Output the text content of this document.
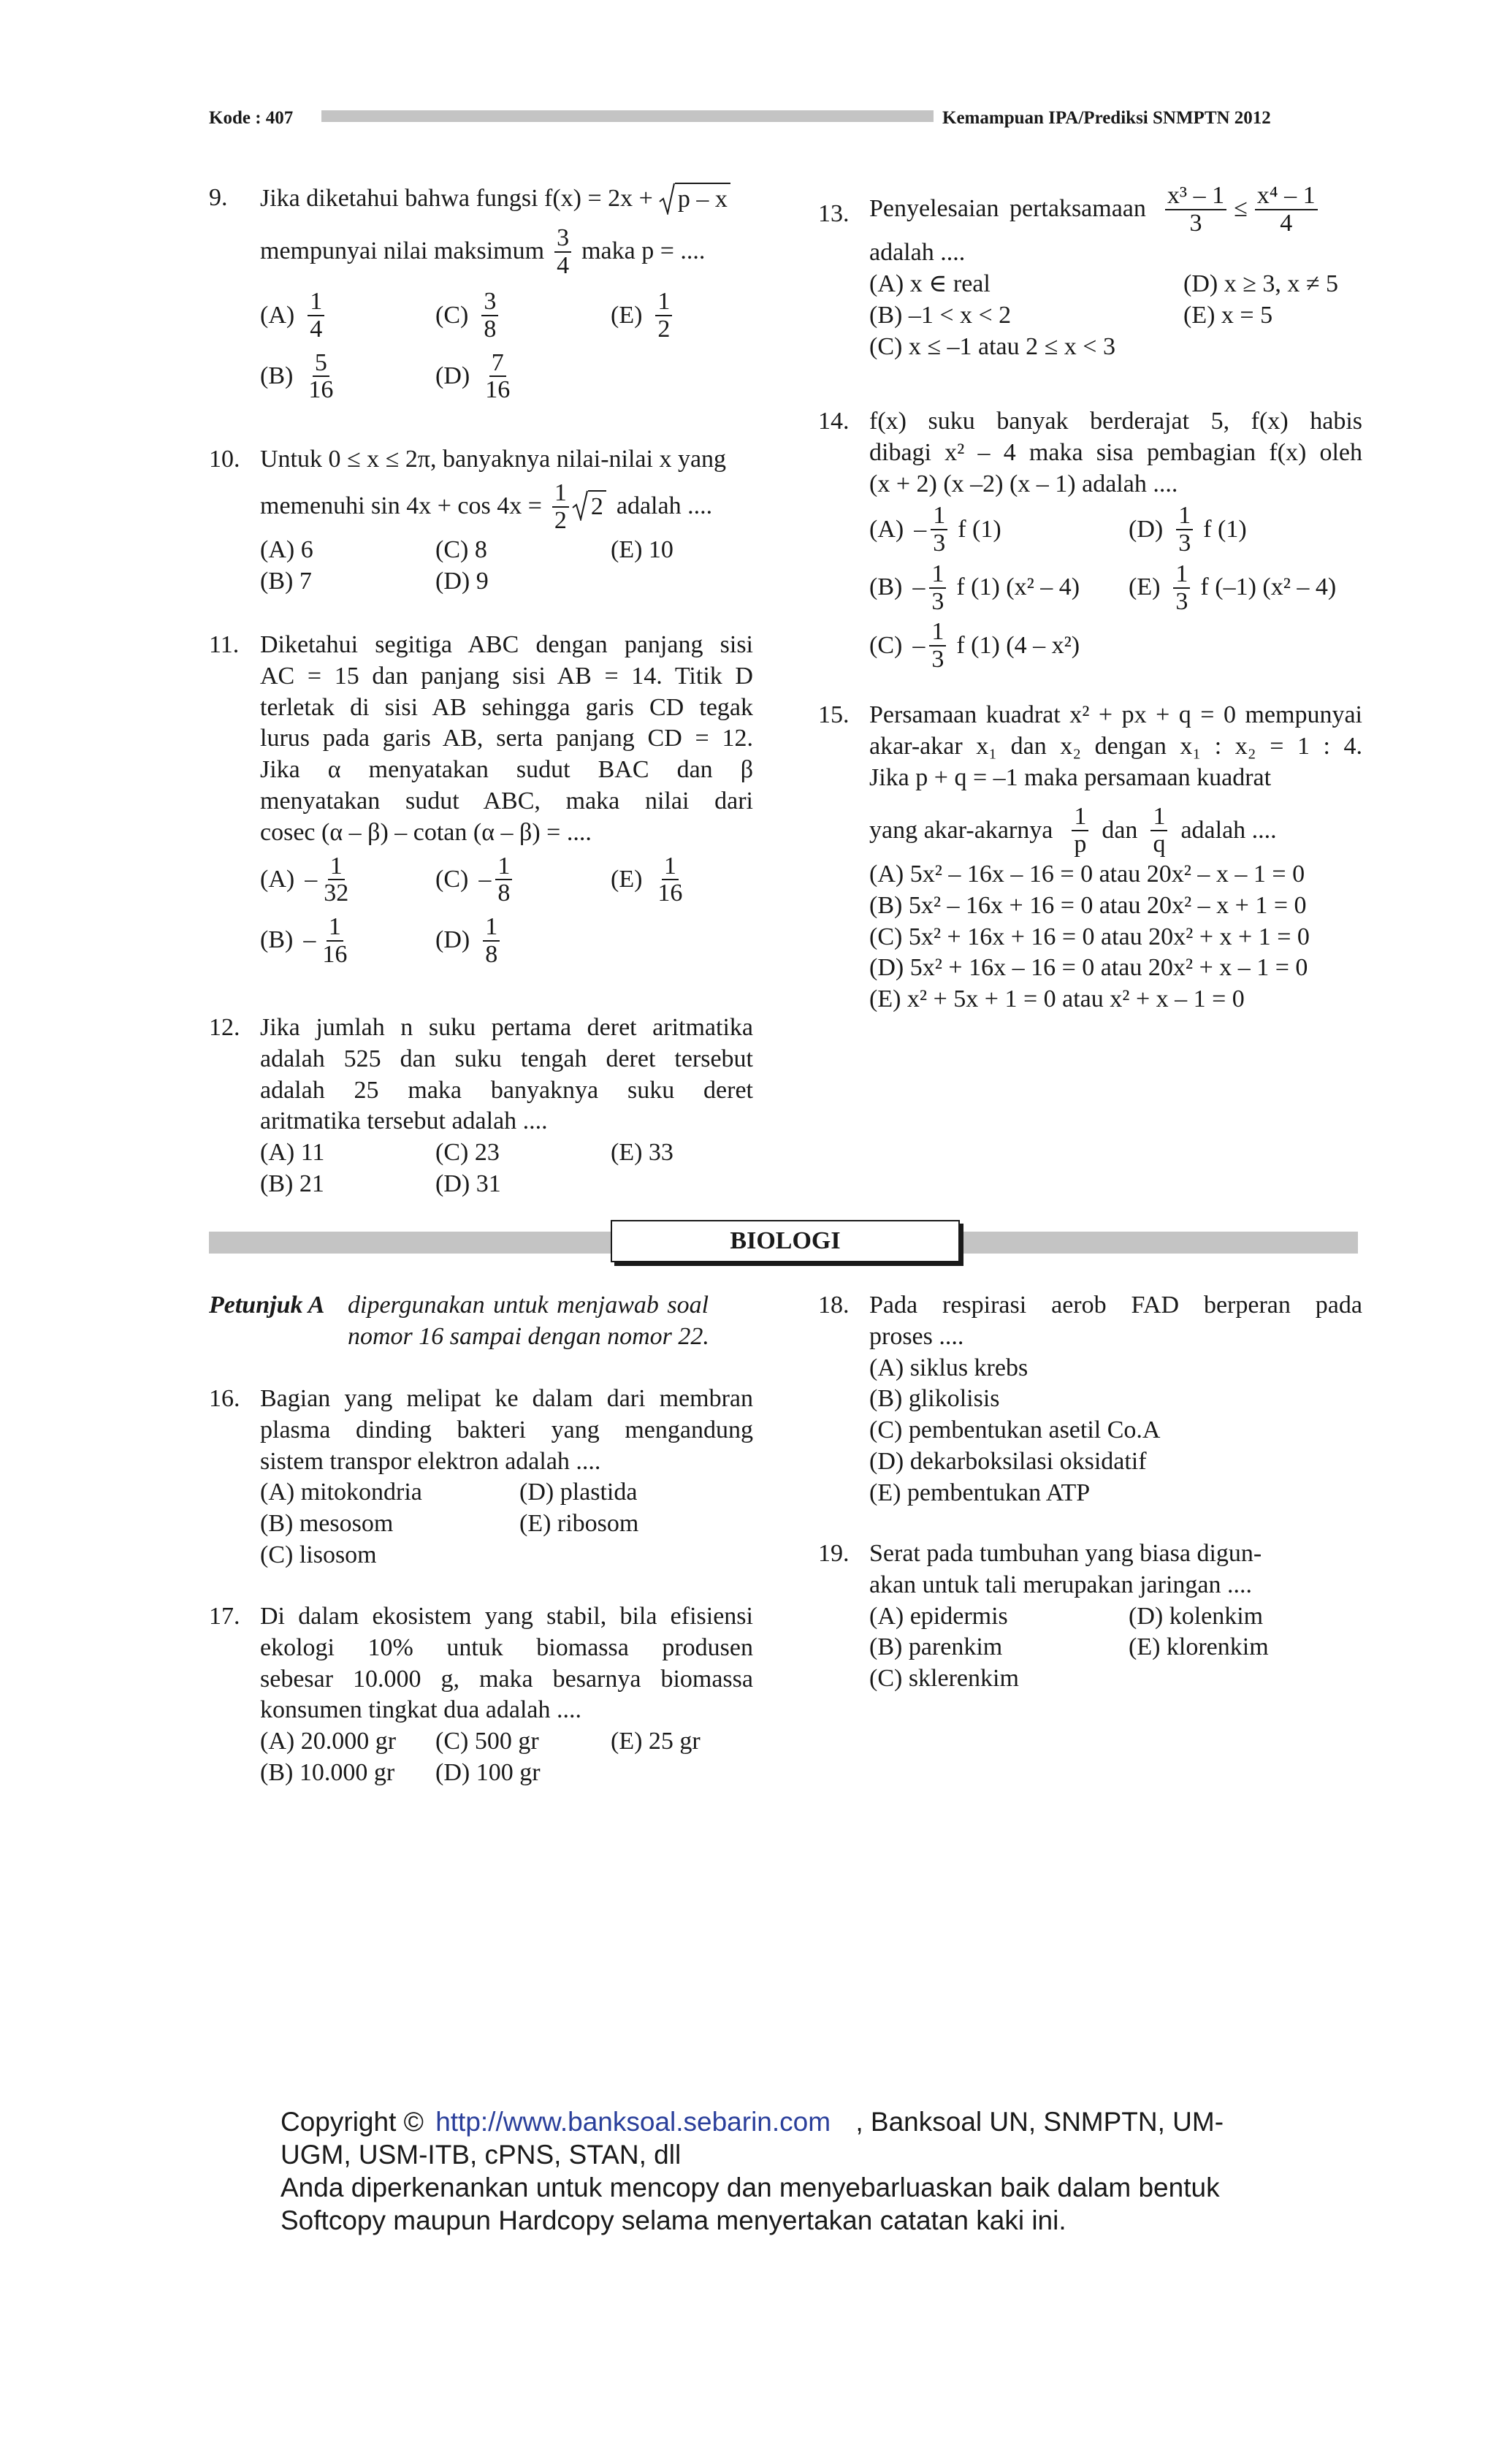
Kode : 407	Kemampuan IPA/Prediksi SNMPTN 2012
9. Jika diketahui bahwa fungsi f(x) = 2x + p – x
mempunyai nilai maksimum $\frac{3}{4}$ maka p = ....
$(A) \frac{1}{4}$	$(C) \frac{3}{8}$	$(E) \frac{1}{2}$
$(B) \frac{5}{16}$	$(D) \frac{7}{16}$
10. Untuk 0 ≤ x ≤ 2π, banyaknya nilai-nilai x yang
memenuhi $\sin 4x + \cos 4x = \frac{1}{2} 2$ adalah ....
(A) 6	(C) 8	(E) 10
(B) 7	(D) 9
11. Diketahui segitiga ABC dengan panjang sisi
AC = 15 dan panjang sisi AB = 14. Titik D
terletak di sisi AB sehingga garis CD tegak
lurus pada garis AB, serta panjang CD = 12.
Jika α menyatakan sudut BAC dan β
menyatakan sudut ABC, maka nilai dari
cosec (α – β) – cotan (α – β) = ....
$(A) - \frac{1}{32}$	$(C) - \frac{1}{8}$	$(E) \frac{1}{16}$
$(B) - \frac{1}{16}$	$(D) \frac{1}{8}$
12. Jika jumlah n suku pertama deret aritmatika
adalah 525 dan suku tengah deret tersebut
adalah 25 maka banyaknya suku deret
aritmatika tersebut adalah ....
(A) 11	(C) 23	(E) 33
(B) 21	(D) 31
13. Penyelesaian pertaksamaan $\frac{\text{x³ – 1}}{3} \le \frac{\text{x⁴ – 1}}{4}$
adalah ....
(A) x ∈ real	(D) x ≥ 3, x ≠ 5
(B) –1 < x < 2	(E) x = 5
(C) x ≤ –1 atau 2 ≤ x < 3
14. f(x) suku banyak berderajat 5, f(x) habis
dibagi x² – 4 maka sisa pembagian f(x) oleh
(x + 2) (x –2) (x – 1) adalah ....
$(A) - \frac{1}{3}$ f (1)	$(D) \frac{1}{3}$ f (1)
$(B) - \frac{1}{3}$ f (1) (x² – 4) $(E) \frac{1}{3}$ f (–1) (x² – 4)
$(C) - \frac{1}{3}$ f (1) (4 – x²)
15. Persamaan kuadrat x² + px + q = 0 mempunyai
akar-akar x₁ dan x₂ dengan x₁ : x₂ = 1 : 4.
Jika p + q = –1 maka persamaan kuadrat
yang akar-akarnya $\frac{1}{p}$ dan $\frac{1}{q}$ adalah ....
(A) 5x² – 16x – 16 = 0 atau 20x² – x – 1 = 0
(B) 5x² – 16x + 16 = 0 atau 20x² – x + 1 = 0
(C) 5x² + 16x + 16 = 0 atau 20x² + x + 1 = 0
(D) 5x² + 16x – 16 = 0 atau 20x² + x – 1 = 0
(E) x² + 5x + 1 = 0 atau x² + x – 1 = 0
BIOLOGI
Petunjuk A dipergunakan untuk menjawab soal
nomor 16 sampai dengan nomor 22.
16. Bagian yang melipat ke dalam dari membran
plasma dinding bakteri yang mengandung
sistem transpor elektron adalah ....
(A) mitokondria	(D) plastida
(B) mesosom	(E) ribosom
(C) lisosom
17. Di dalam ekosistem yang stabil, bila efisiensi
ekologi 10% untuk biomassa produsen
sebesar 10.000 g, maka besarnya biomassa
konsumen tingkat dua adalah ....
(A) 20.000 gr	(C) 500 gr	(E) 25 gr
(B) 10.000 gr	(D) 100 gr
18. Pada respirasi aerob FAD berperan pada
proses ....
(A) siklus krebs
(B) glikolisis
(C) pembentukan asetil Co.A
(D) dekarboksilasi oksidatif
(E) pembentukan ATP
19. Serat pada tumbuhan yang biasa digun-
akan untuk tali merupakan jaringan ....
(A) epidermis	(D) kolenkim
(B) parenkim	(E) klorenkim
(C) sklerenkim
Copyright © http://www.banksoal.sebarin.com , Banksoal UN, SNMPTN, UM-
UGM, USM-ITB, cPNS, STAN, dll
Anda diperkenankan untuk mencopy dan menyebarluaskan baik dalam bentuk
Softcopy maupun Hardcopy selama menyertakan catatan kaki ini.
